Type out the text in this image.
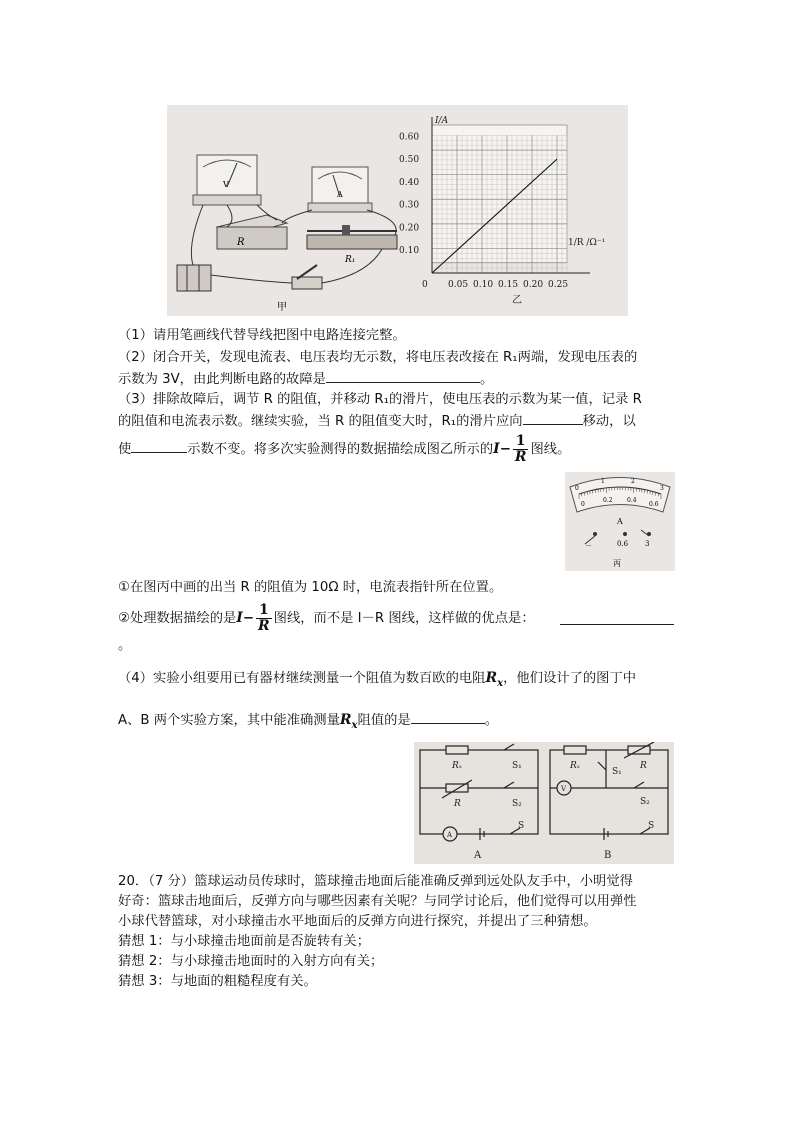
V
A
R
R₁
甲
0.60
0.50
0.40
0.30
0.20
0.10
0 0.05 0.10 0.15 0.20 0.25
I/A
1/R /Ω⁻¹
乙
（1）请用笔画线代替导线把图中电路连接完整。
（2）闭合开关，发现电流表、电压表均无示数，将电压表改接在 R₁两端，发现电压表的
示数为 3V，由此判断电路的故障是	。
（3）排除故障后，调节 R 的阻值，并移动 R₁的滑片，使电压表的示数为某一值，记录 R
的阻值和电流表示数。继续实验，当 R 的阻值变大时，R₁的滑片应向	移动，以
使	示数不变。将多次实验测得的数据描绘成图乙所示的$I- \frac{1}{R}$ 图线。
0
1	2
3
0
0.2 0.4
0.6
A
－	0.6 3
丙
①在图丙中画的出当 R 的阻值为 10Ω 时，电流表指针所在位置。
②处理数据描绘的是$I- \frac{1}{R}$ 图线，而不是 I－R 图线，这样做的优点是：
。
（4）实验小组要用已有器材继续测量一个阻值为数百欧的电阻$R_x$，他们设计了的图丁中
A、B 两个实验方案，其中能准确测量$R_x$阻值的是	。
Rₓ	S₁
R	S₂
A
S
A
Rₓ
S₁
R
V
S₂
S
B
20．（7 分）篮球运动员传球时，篮球撞击地面后能准确反弹到远处队友手中，小明觉得
好奇：篮球击地面后，反弹方向与哪些因素有关呢？与同学讨论后，他们觉得可以用弹性
小球代替篮球，对小球撞击水平地面后的反弹方向进行探究，并提出了三种猜想。
猜想 1：与小球撞击地面前是否旋转有关；
猜想 2：与小球撞击地面时的入射方向有关；
猜想 3：与地面的粗糙程度有关。
